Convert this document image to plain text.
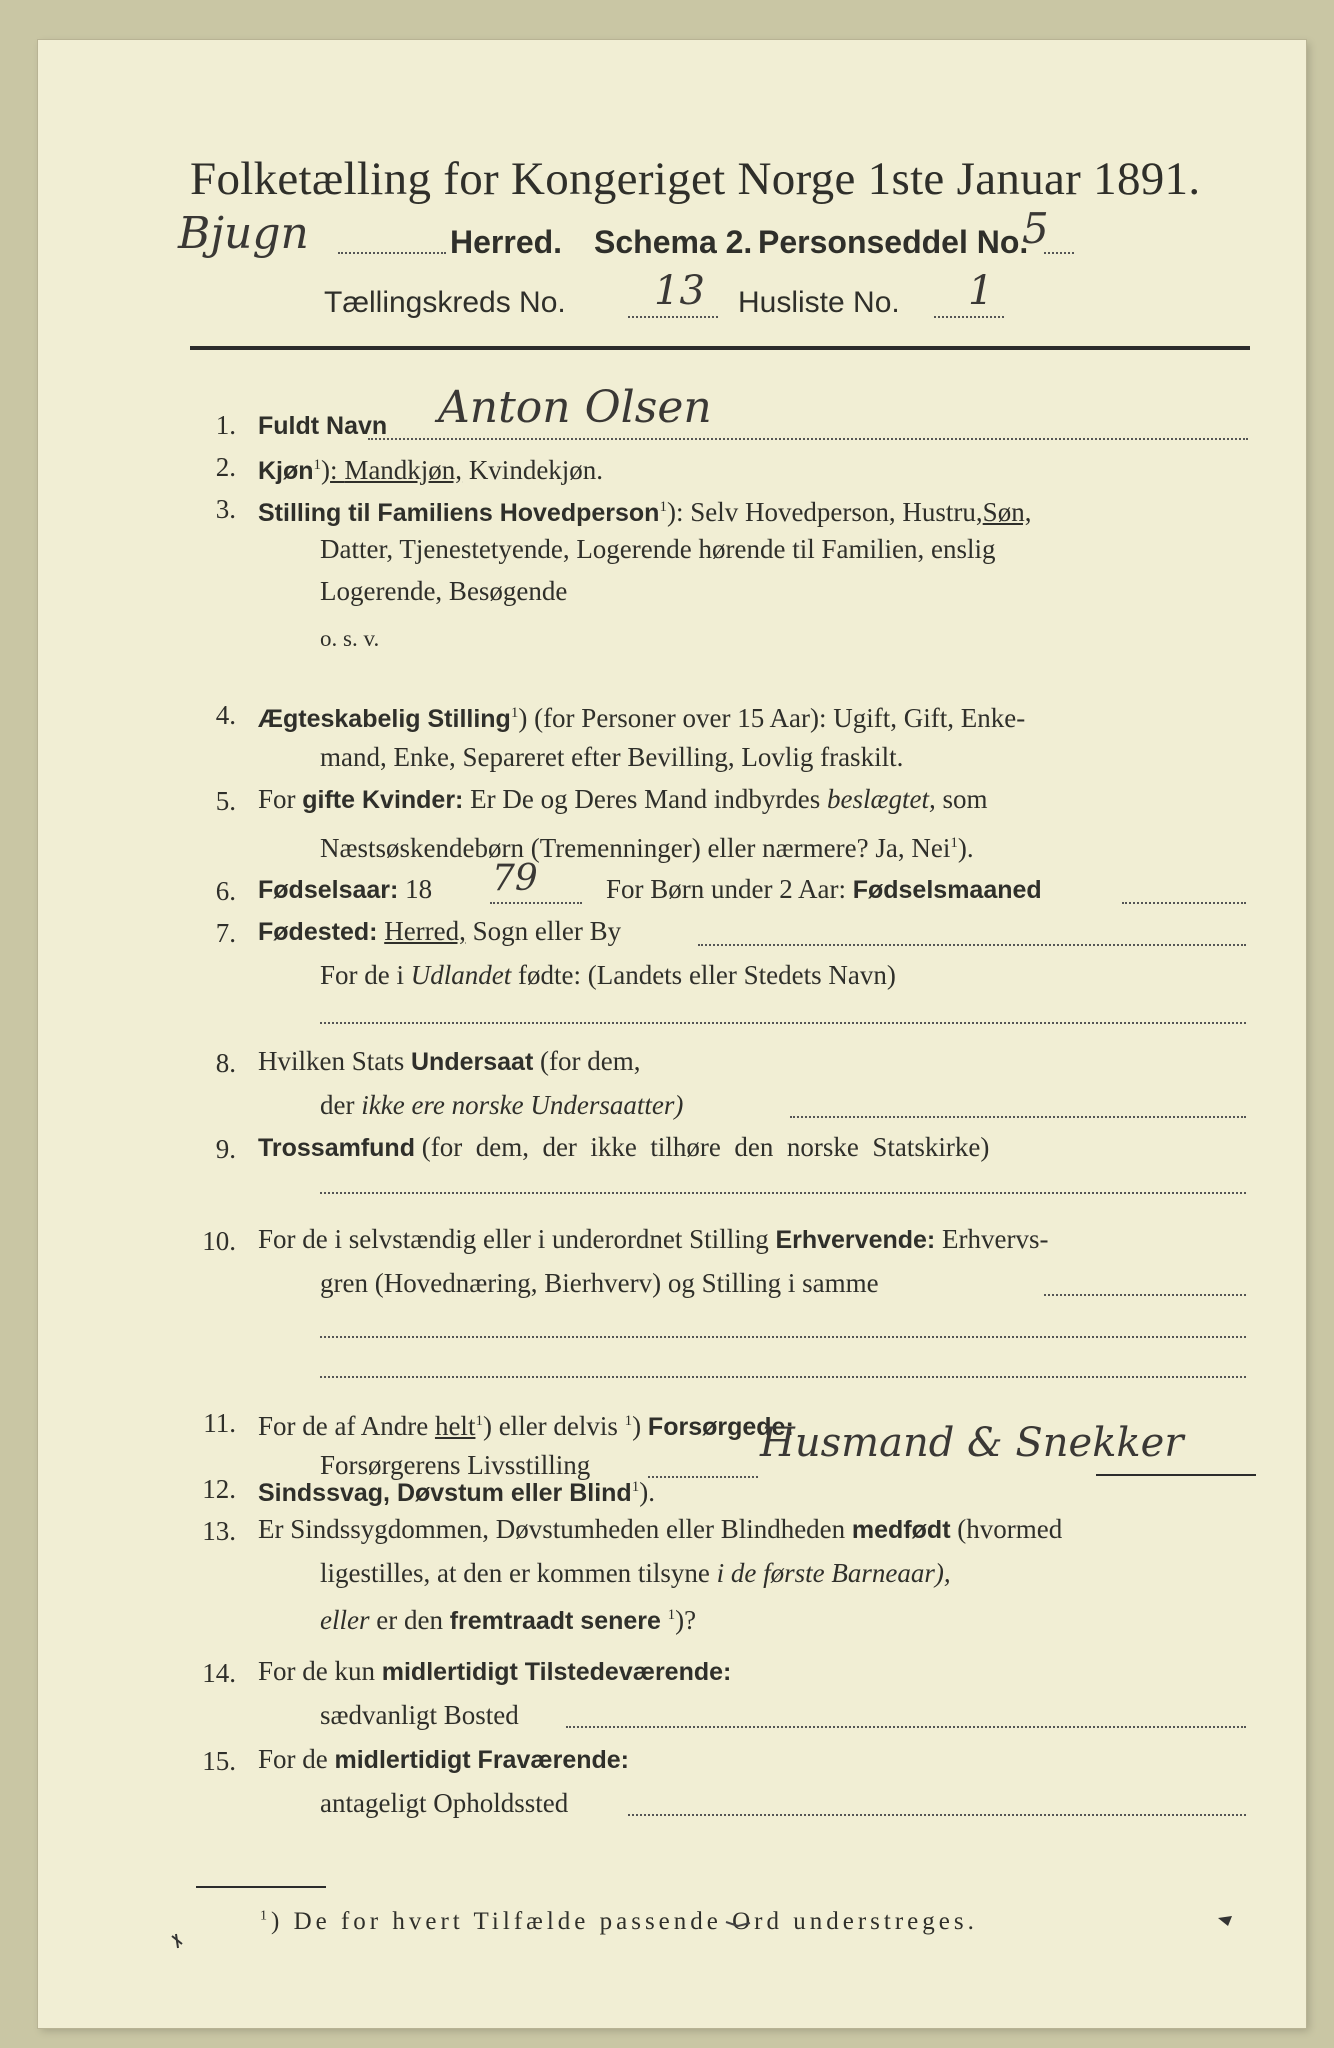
Folketælling for Kongeriget Norge 1ste Januar 1891.
Bjugn	Herred. Schema 2. Personseddel No.
5
Tællingskreds No. 13 Husliste No. 1
1. Fuldt Navn Anton Olsen
2. Kjøn$^1$): Mandkjøn, Kvindekjøn.
3. Stilling til Familiens Hovedperson$^1$): Selv Hovedperson, Hustru,Søn,
Datter, Tjenestetyende, Logerende hørende til Familien, enslig
Logerende, Besøgende
o. s. v.
4. Ægteskabelig Stilling$^1$) (for Personer over 15 Aar): Ugift, Gift, Enke-
mand, Enke, Separeret efter Bevilling, Lovlig fraskilt.
5. For gifte Kvinder: Er De og Deres Mand indbyrdes beslægtet, som
Næstsøskendebørn (Tremenninger) eller nærmere? Ja, Nei$^1$).
6. Fødselsaar: 18 79	For Børn under 2 Aar: Fødselsmaaned
7. Fødested: Herred, Sogn eller By
For de i Udlandet fødte: (Landets eller Stedets Navn)
8. Hvilken Stats Undersaat (for dem,
der ikke ere norske Undersaatter)
9. Trossamfund (for  dem,  der  ikke  tilhøre  den  norske  Statskirke)
10. For de i selvstændig eller i underordnet Stilling Erhvervende: Erhvervs-
gren (Hovednæring, Bierhverv) og Stilling i samme
11. For de af Andre helt$^1$) eller delvis $^1$) Forsørgede:
Forsørgerens Livsstilling	Husmand & Snekker
12. Sindssvag, Døvstum eller Blind$^1$).
13. Er Sindssygdommen, Døvstumheden eller Blindheden medfødt (hvormed
ligestilles, at den er kommen tilsyne i de første Barneaar),
eller er den fremtraadt senere $^1$)?
14. For de kun midlertidigt Tilstedeværende:
sædvanligt Bosted
15. For de midlertidigt Fraværende:
antageligt Opholdssted
$^1$) De for hvert Tilfælde passende Ord understreges.
